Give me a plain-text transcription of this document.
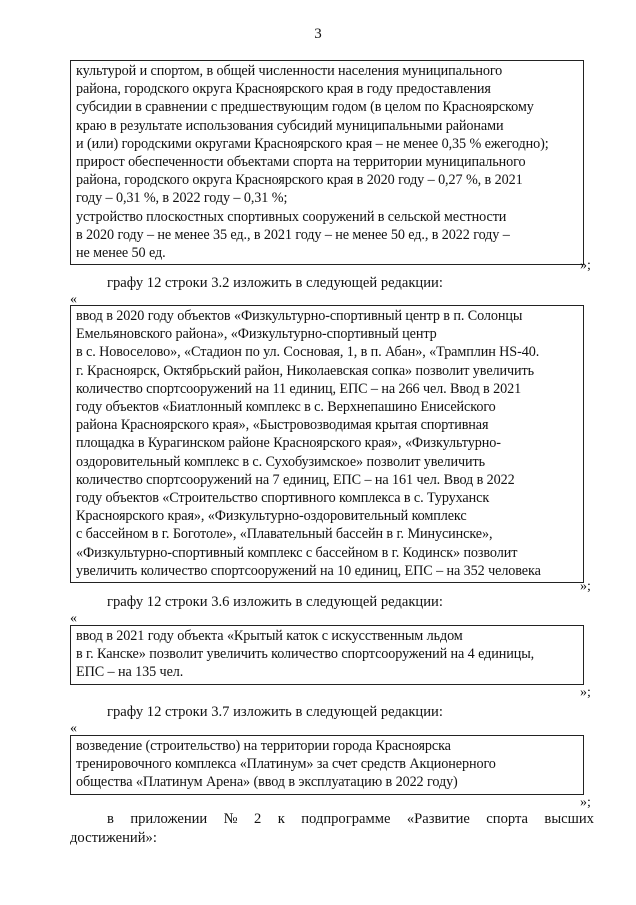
3
культурой и спортом, в общей численности населения муниципального
района, городского округа Красноярского края в году предоставления
субсидии в сравнении с предшествующим годом (в целом по Красноярскому
краю в результате использования субсидий муниципальными районами
и (или) городскими округами Красноярского края – не менее 0,35 % ежегодно);
прирост обеспеченности объектами спорта на территории муниципального
района, городского округа Красноярского края в 2020 году – 0,27 %, в 2021
году – 0,31 %, в 2022 году – 0,31 %;
устройство плоскостных спортивных сооружений в сельской местности
в 2020 году – не менее 35 ед., в 2021 году – не менее 50 ед., в 2022 году –
не менее 50 ед.
»;
графу 12 строки 3.2 изложить в следующей редакции:
«
ввод в 2020 году объектов «Физкультурно-спортивный центр в п. Солонцы
Емельяновского района», «Физкультурно-спортивный центр
в с. Новоселово», «Стадион по ул. Сосновая, 1, в п. Абан», «Трамплин HS-40.
г. Красноярск, Октябрьский район, Николаевская сопка» позволит увеличить
количество спортсооружений на 11 единиц, ЕПС – на 266 чел. Ввод в 2021
году объектов «Биатлонный комплекс в с. Верхнепашино Енисейского
района Красноярского края», «Быстровозводимая крытая спортивная
площадка в Курагинском районе Красноярского края», «Физкультурно-
оздоровительный комплекс в с. Сухобузимское» позволит увеличить
количество спортсооружений на 7 единиц, ЕПС – на 161 чел. Ввод в 2022
году объектов «Строительство спортивного комплекса в с. Туруханск
Красноярского края», «Физкультурно-оздоровительный комплекс
с бассейном в г. Боготоле», «Плавательный бассейн в г. Минусинске»,
«Физкультурно-спортивный комплекс с бассейном в г. Кодинск» позволит
увеличить количество спортсооружений на 10 единиц, ЕПС – на 352 человека
»;
графу 12 строки 3.6 изложить в следующей редакции:
«
ввод в 2021 году объекта «Крытый каток с искусственным льдом
в г. Канске» позволит увеличить количество спортсооружений на 4 единицы,
ЕПС – на 135 чел.
»;
графу 12 строки 3.7 изложить в следующей редакции:
«
возведение (строительство) на территории города Красноярска
тренировочного комплекса «Платинум» за счет средств Акционерного
общества «Платинум Арена» (ввод в эксплуатацию в 2022 году)
»;
в приложении № 2 к подпрограмме «Развитие спорта высших
достижений»:
